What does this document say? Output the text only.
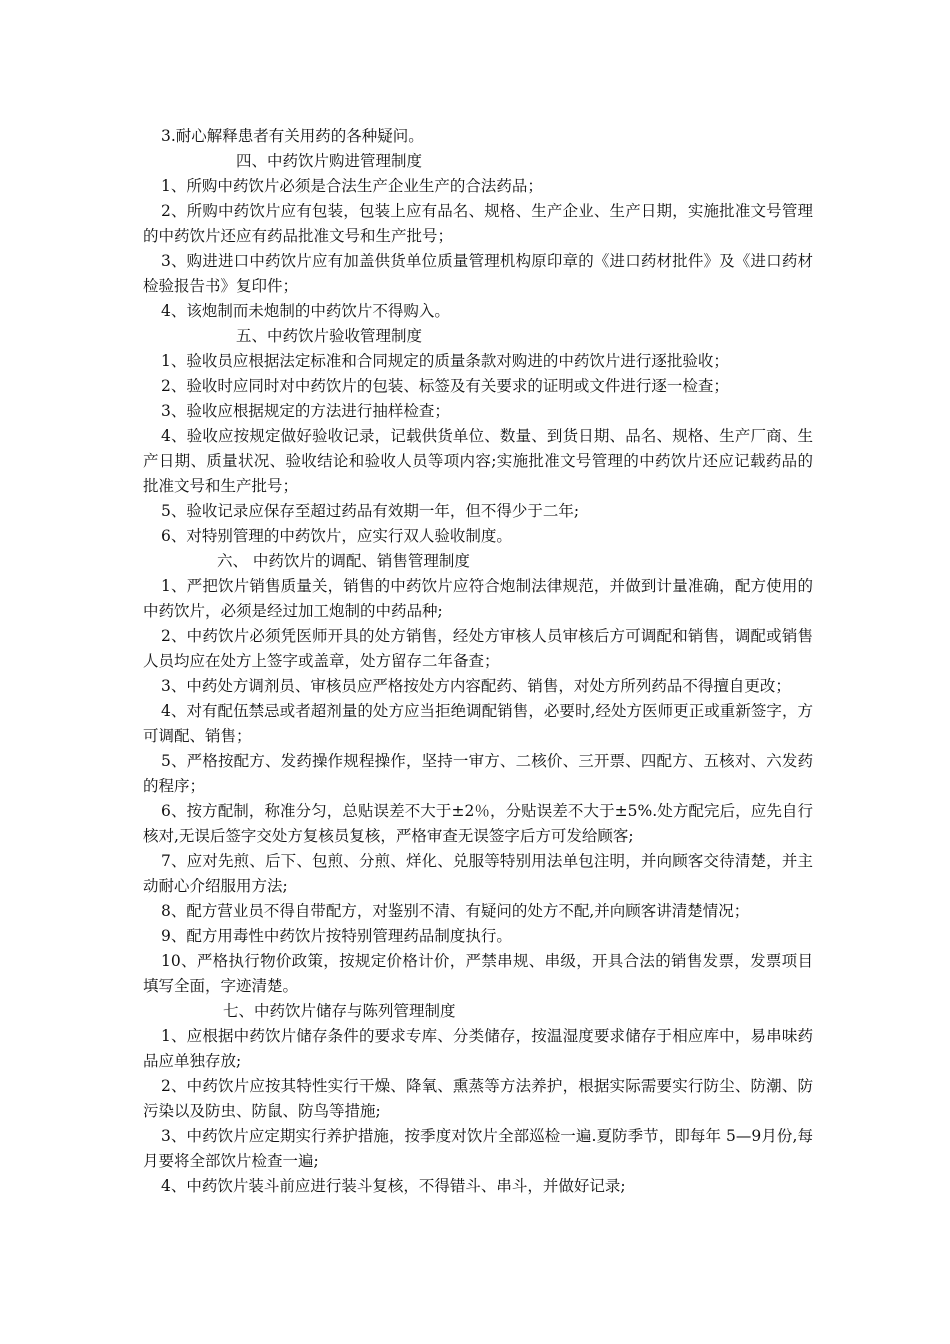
3.耐心解释患者有关用药的各种疑问。
四、中药饮片购进管理制度
1、所购中药饮片必须是合法生产企业生产的合法药品；
2、所购中药饮片应有包装，包装上应有品名、规格、生产企业、生产日期，实施批准文号管理的中药饮片还应有药品批准文号和生产批号；
3、购进进口中药饮片应有加盖供货单位质量管理机构原印章的《进口药材批件》及《进口药材检验报告书》复印件；
4、该炮制而未炮制的中药饮片不得购入。
五、中药饮片验收管理制度
1、验收员应根据法定标准和合同规定的质量条款对购进的中药饮片进行逐批验收；
2、验收时应同时对中药饮片的包装、标签及有关要求的证明或文件进行逐一检查；
3、验收应根据规定的方法进行抽样检查；
4、验收应按规定做好验收记录，记载供货单位、数量、到货日期、品名、规格、生产厂商、生产日期、质量状况、验收结论和验收人员等项内容;实施批准文号管理的中药饮片还应记载药品的批准文号和生产批号；
5、验收记录应保存至超过药品有效期一年，但不得少于二年;
6、对特别管理的中药饮片，应实行双人验收制度。
六、 中药饮片的调配、销售管理制度
1、严把饮片销售质量关，销售的中药饮片应符合炮制法律规范，并做到计量准确，配方使用的中药饮片，必须是经过加工炮制的中药品种;
2、中药饮片必须凭医师开具的处方销售，经处方审核人员审核后方可调配和销售，调配或销售人员均应在处方上签字或盖章，处方留存二年备查；
3、中药处方调剂员、审核员应严格按处方内容配药、销售，对处方所列药品不得擅自更改；
4、对有配伍禁忌或者超剂量的处方应当拒绝调配销售，必要时,经处方医师更正或重新签字，方可调配、销售；
5、严格按配方、发药操作规程操作，坚持一审方、二核价、三开票、四配方、五核对、六发药的程序；
6、按方配制，称准分匀，总贴误差不大于±2％，分贴误差不大于±5%.处方配完后，应先自行核对,无误后签字交处方复核员复核，严格审查无误签字后方可发给顾客;
7、应对先煎、后下、包煎、分煎、烊化、兑服等特别用法单包注明，并向顾客交待清楚，并主动耐心介绍服用方法;
8、配方营业员不得自带配方，对鉴别不清、有疑问的处方不配,并向顾客讲清楚情况；
9、配方用毒性中药饮片按特别管理药品制度执行。
10、严格执行物价政策，按规定价格计价，严禁串规、串级，开具合法的销售发票，发票项目填写全面，字迹清楚。
七、中药饮片储存与陈列管理制度
1、应根据中药饮片储存条件的要求专库、分类储存，按温湿度要求储存于相应库中，易串味药品应单独存放;
2、中药饮片应按其特性实行干燥、降氧、熏蒸等方法养护，根据实际需要实行防尘、防潮、防污染以及防虫、防鼠、防鸟等措施;
3、中药饮片应定期实行养护措施，按季度对饮片全部巡检一遍.夏防季节，即每年 5—9月份,每月要将全部饮片检查一遍;
4、中药饮片装斗前应进行装斗复核，不得错斗、串斗，并做好记录;
